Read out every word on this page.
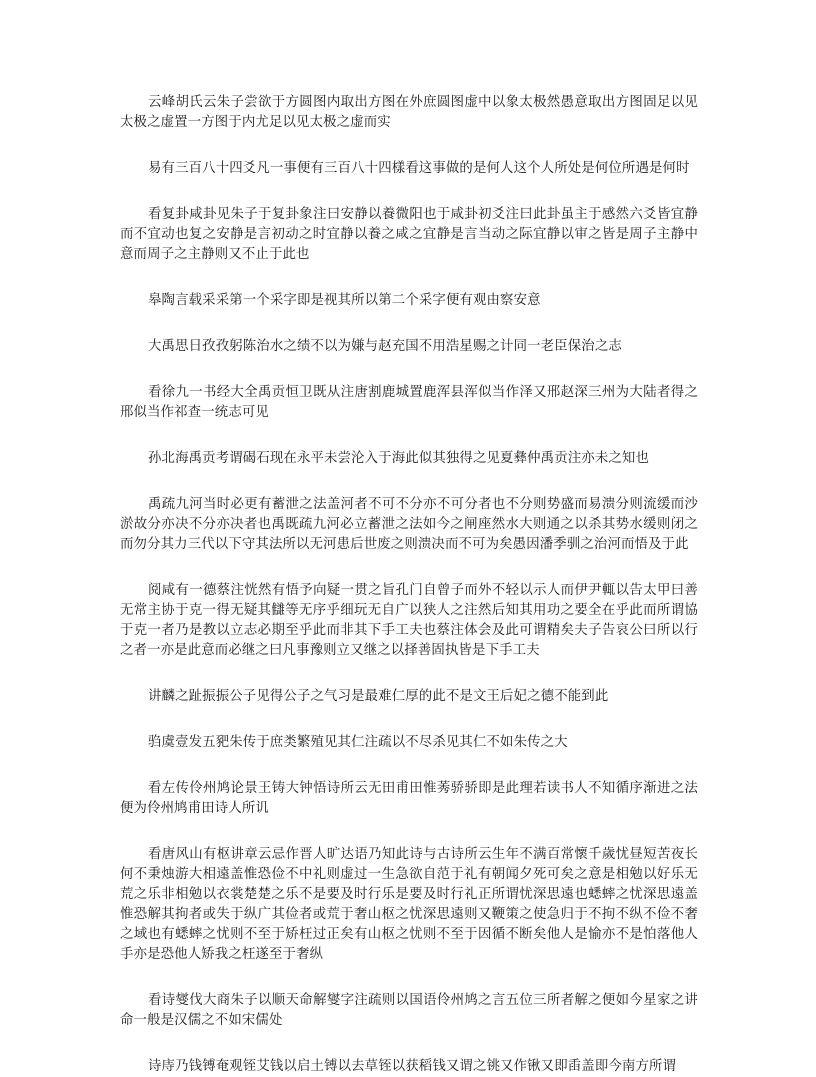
云峰胡氏云朱子尝欲于方圆图内取出方图在外庶圆图虚中以象太极然愚意取出方图固足以见太极之虚置一方图于内尤足以见太极之虚而实

易有三百八十四爻凡一事便有三百八十四樣看这事做的是何人这个人所处是何位所遇是何时

看复卦咸卦见朱子于复卦象注曰安静以養微阳也于咸卦初爻注曰此卦虽主于感然六爻皆宜静而不宜动也复之安静是言初动之时宜静以養之咸之宜静是言当动之际宜静以审之皆是周子主静中意而周子之主静则又不止于此也

皋陶言载采采第一个采字即是视其所以第二个采字便有观由察安意

大禹思日孜孜躬陈治水之绩不以为嫌与赵充国不用浩星赐之计同一老臣保治之志

看徐九一书经大全禹贡恒卫既从注唐割鹿城置鹿浑县浑似当作泽又邢赵深三州为大陆者得之邢似当作祁查一统志可见

孙北海禹贡考谓碣石现在永平未尝沦入于海此似其独得之见夏彝仲禹贡注亦未之知也

禹疏九河当时必更有蓄泄之法盖河者不可不分亦不可分者也不分则势盛而易溃分则流缓而沙淤故分亦决不分亦决者也禹既疏九河必立蓄泄之法如今之闸座然水大则通之以杀其势水缓则闭之而勿分其力三代以下守其法所以无河患后世废之则溃决而不可为矣愚因潘季驯之治河而悟及于此

阅咸有一德蔡注恍然有悟予向疑一贯之旨孔门自曾子而外不轻以示人而伊尹輒以告太甲曰善无常主协于克一得无疑其讎等无序乎细玩无自广以狭人之注然后知其用功之要全在乎此而所谓協于克一者乃是教以立志必期至乎此而非其下手工夫也蔡注体会及此可谓精矣夫子告哀公曰所以行之者一亦是此意而必继之曰凡事豫则立又继之以择善固执皆是下手工夫

讲麟之趾振振公子见得公子之气习是最难仁厚的此不是文王后妃之德不能到此

驺虞壹发五豝朱传于庶类繁殖见其仁注疏以不尽杀见其仁不如朱传之大

看左传伶州鸠论景王铸大钟悟诗所云无田甫田惟莠骄骄即是此理若读书人不知循序渐进之法便为伶州鸠甫田诗人所讥

看唐风山有枢讲章云忌作晋人旷达语乃知此诗与古诗所云生年不满百常懷千歲忧昼短苦夜长何不秉烛游大相遠盖惟恐俭不中礼则虚过一生急欲自范于礼有朝闻夕死可矣之意是相勉以好乐无荒之乐非相勉以衣裳楚楚之乐不是要及时行乐是要及时行礼正所谓忧深思遠也蟋蟀之忧深思遠盖惟恐解其拘者或失于纵广其俭者或荒于奢山枢之忧深思遠则又鞭策之使急归于不拘不纵不俭不奢之域也有蟋蟀之忧则不至于矫枉过正矣有山枢之忧则不至于因循不断矣他人是愉亦不是怕落他人手亦是恐他人矫我之枉遂至于奢纵

看诗燮伐大商朱子以顺天命解燮字注疏则以国语伶州鸠之言五位三所者解之便如今星家之讲命一般是汉儒之不如宋儒处

诗庤乃钱镈奄观铚艾钱以启土镈以去草铚以获稻钱又谓之铫又作锹又即臿盖即今南方所谓
